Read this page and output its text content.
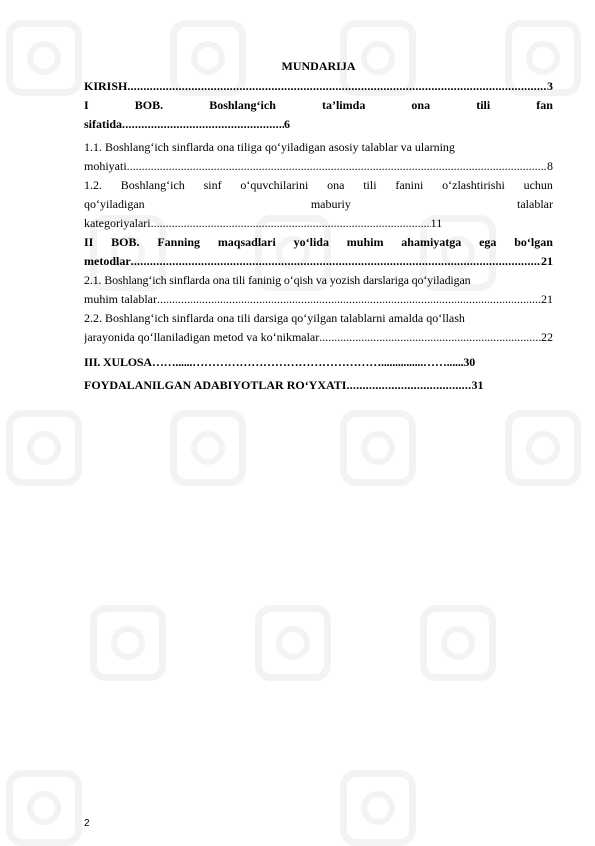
MUNDARIJA
KIRISH .....	3
I	BOB.	Boshlang‘ich	ta’limda	ona	tili	fan
sifatida .....	6
1.1. Boshlang‘ich sinflarda ona tiliga qo‘yiladigan asosiy talablar va ularning
mohiyati .....	8
1.2. Boshlang‘ich sinf o‘quvchilarini ona tili fanini o‘zlashtirishi uchun
qo‘yiladigan	maburiy	talablar
kategoriyalari .....	11
II BOB. Fanning maqsadlari yo‘lida muhim ahamiyatga ega bo‘lgan
metodlar .....	21
2.1. Boshlang‘ich sinflarda ona tili faninig o‘qish va yozish darslariga qo‘yiladigan
muhim talablar .....	21
2.2. Boshlang‘ich sinflarda ona tili darsiga qo‘yilgan talablarni amalda qo‘llash
jarayonida qo‘llaniladigan metod va ko‘nikmalar .....	22
III. XULOSA……......…………………………………………...............……......30
FOYDALANILGAN ADABIYOTLAR RO‘YXATI .....	31
2
